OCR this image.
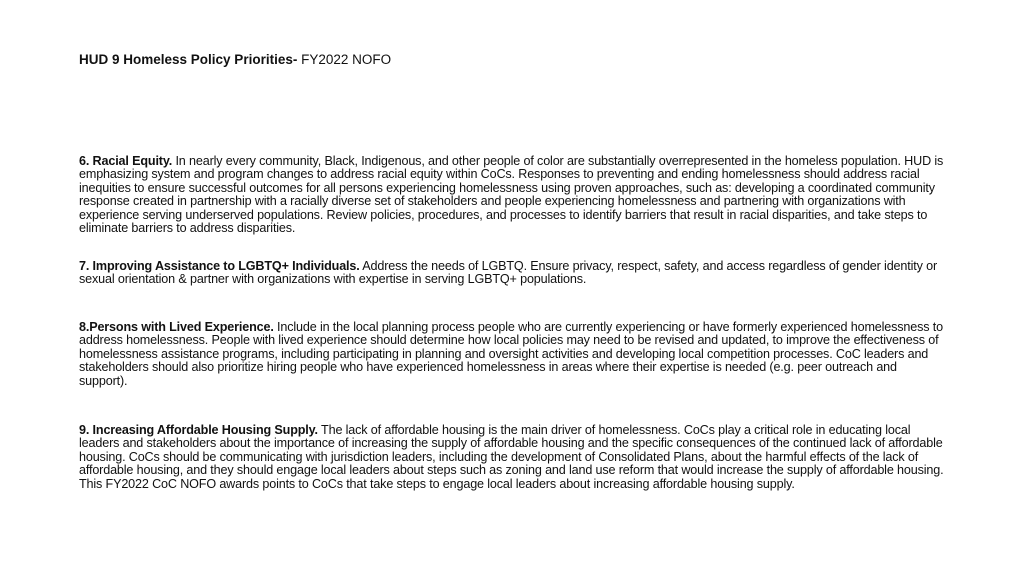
HUD 9 Homeless Policy Priorities- FY2022 NOFO
6. Racial Equity. In nearly every community, Black, Indigenous, and other people of color are substantially overrepresented in the homeless population. HUD is emphasizing system and program changes to address racial equity within CoCs. Responses to preventing and ending homelessness should address racial inequities to ensure successful outcomes for all persons experiencing homelessness using proven approaches, such as: developing a coordinated community response created in partnership with a racially diverse set of stakeholders and people experiencing homelessness and partnering with organizations with experience serving underserved populations. Review policies, procedures, and processes to identify barriers that result in racial disparities, and take steps to eliminate barriers to address disparities.
7. Improving Assistance to LGBTQ+ Individuals. Address the needs of LGBTQ. Ensure privacy, respect, safety, and access regardless of gender identity or sexual orientation & partner with organizations with expertise in serving LGBTQ+ populations.
8.Persons with Lived Experience. Include in the local planning process people who are currently experiencing or have formerly experienced homelessness to address homelessness. People with lived experience should determine how local policies may need to be revised and updated, to improve the effectiveness of homelessness assistance programs, including participating in planning and oversight activities and developing local competition processes. CoC leaders and stakeholders should also prioritize hiring people who have experienced homelessness in areas where their expertise is needed (e.g. peer outreach and support).
9. Increasing Affordable Housing Supply. The lack of affordable housing is the main driver of homelessness. CoCs play a critical role in educating local leaders and stakeholders about the importance of increasing the supply of affordable housing and the specific consequences of the continued lack of affordable housing. CoCs should be communicating with jurisdiction leaders, including the development of Consolidated Plans, about the harmful effects of the lack of affordable housing, and they should engage local leaders about steps such as zoning and land use reform that would increase the supply of affordable housing. This FY2022 CoC NOFO awards points to CoCs that take steps to engage local leaders about increasing affordable housing supply.
